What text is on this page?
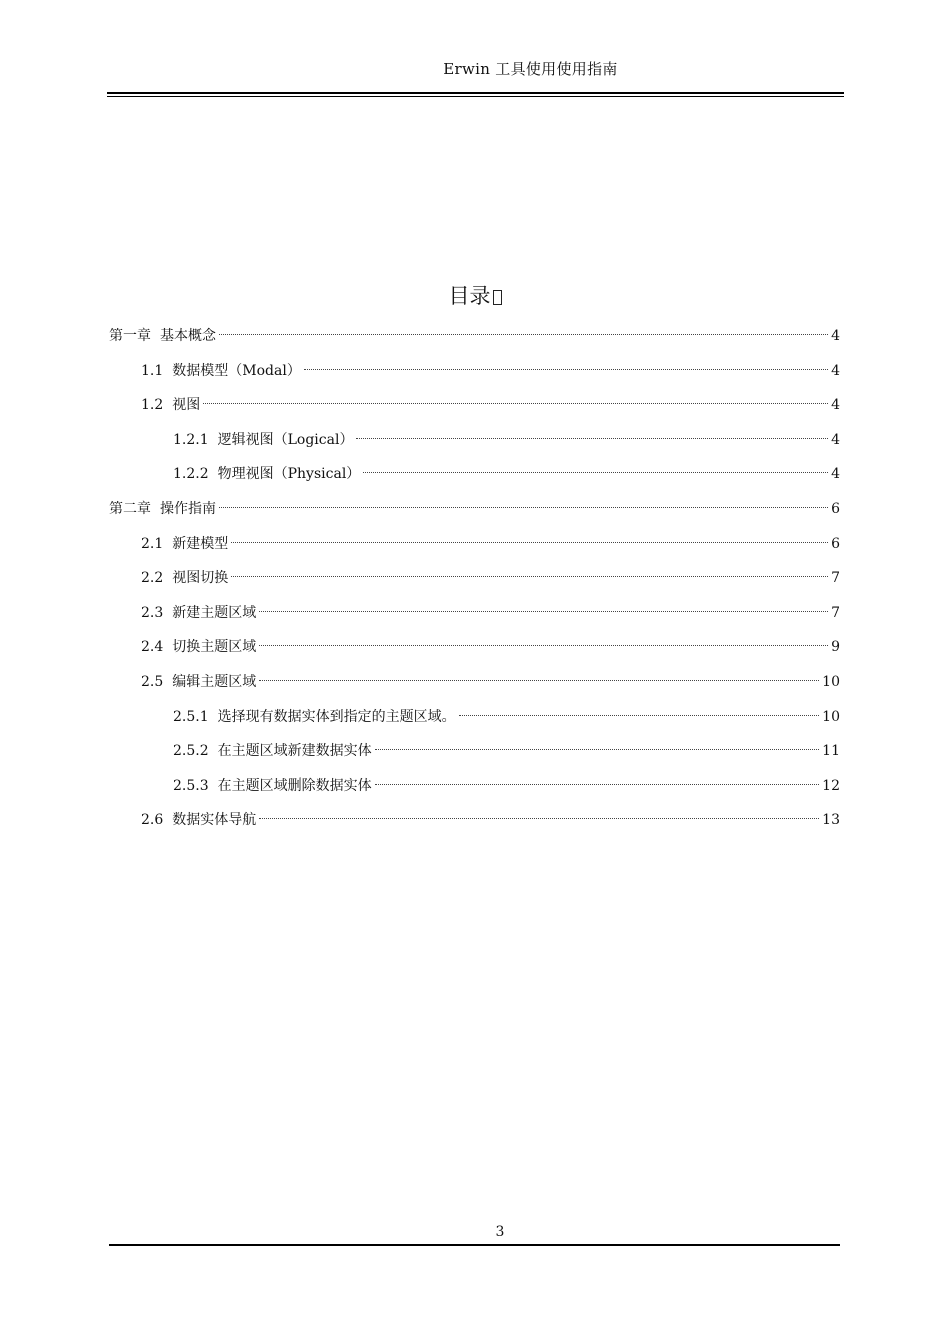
Erwin 工具使用使用指南
目录
第一章 基本概念	4
1.1 数据模型（Modal）	4
1.2 视图	4
1.2.1 逻辑视图（Logical）	4
1.2.2 物理视图（Physical）	4
第二章 操作指南	6
2.1 新建模型	6
2.2 视图切换	7
2.3 新建主题区域	7
2.4 切换主题区域	9
2.5 编辑主题区域	10
2.5.1 选择现有数据实体到指定的主题区域。	10
2.5.2 在主题区域新建数据实体	11
2.5.3 在主题区域删除数据实体	12
2.6 数据实体导航	13
3
